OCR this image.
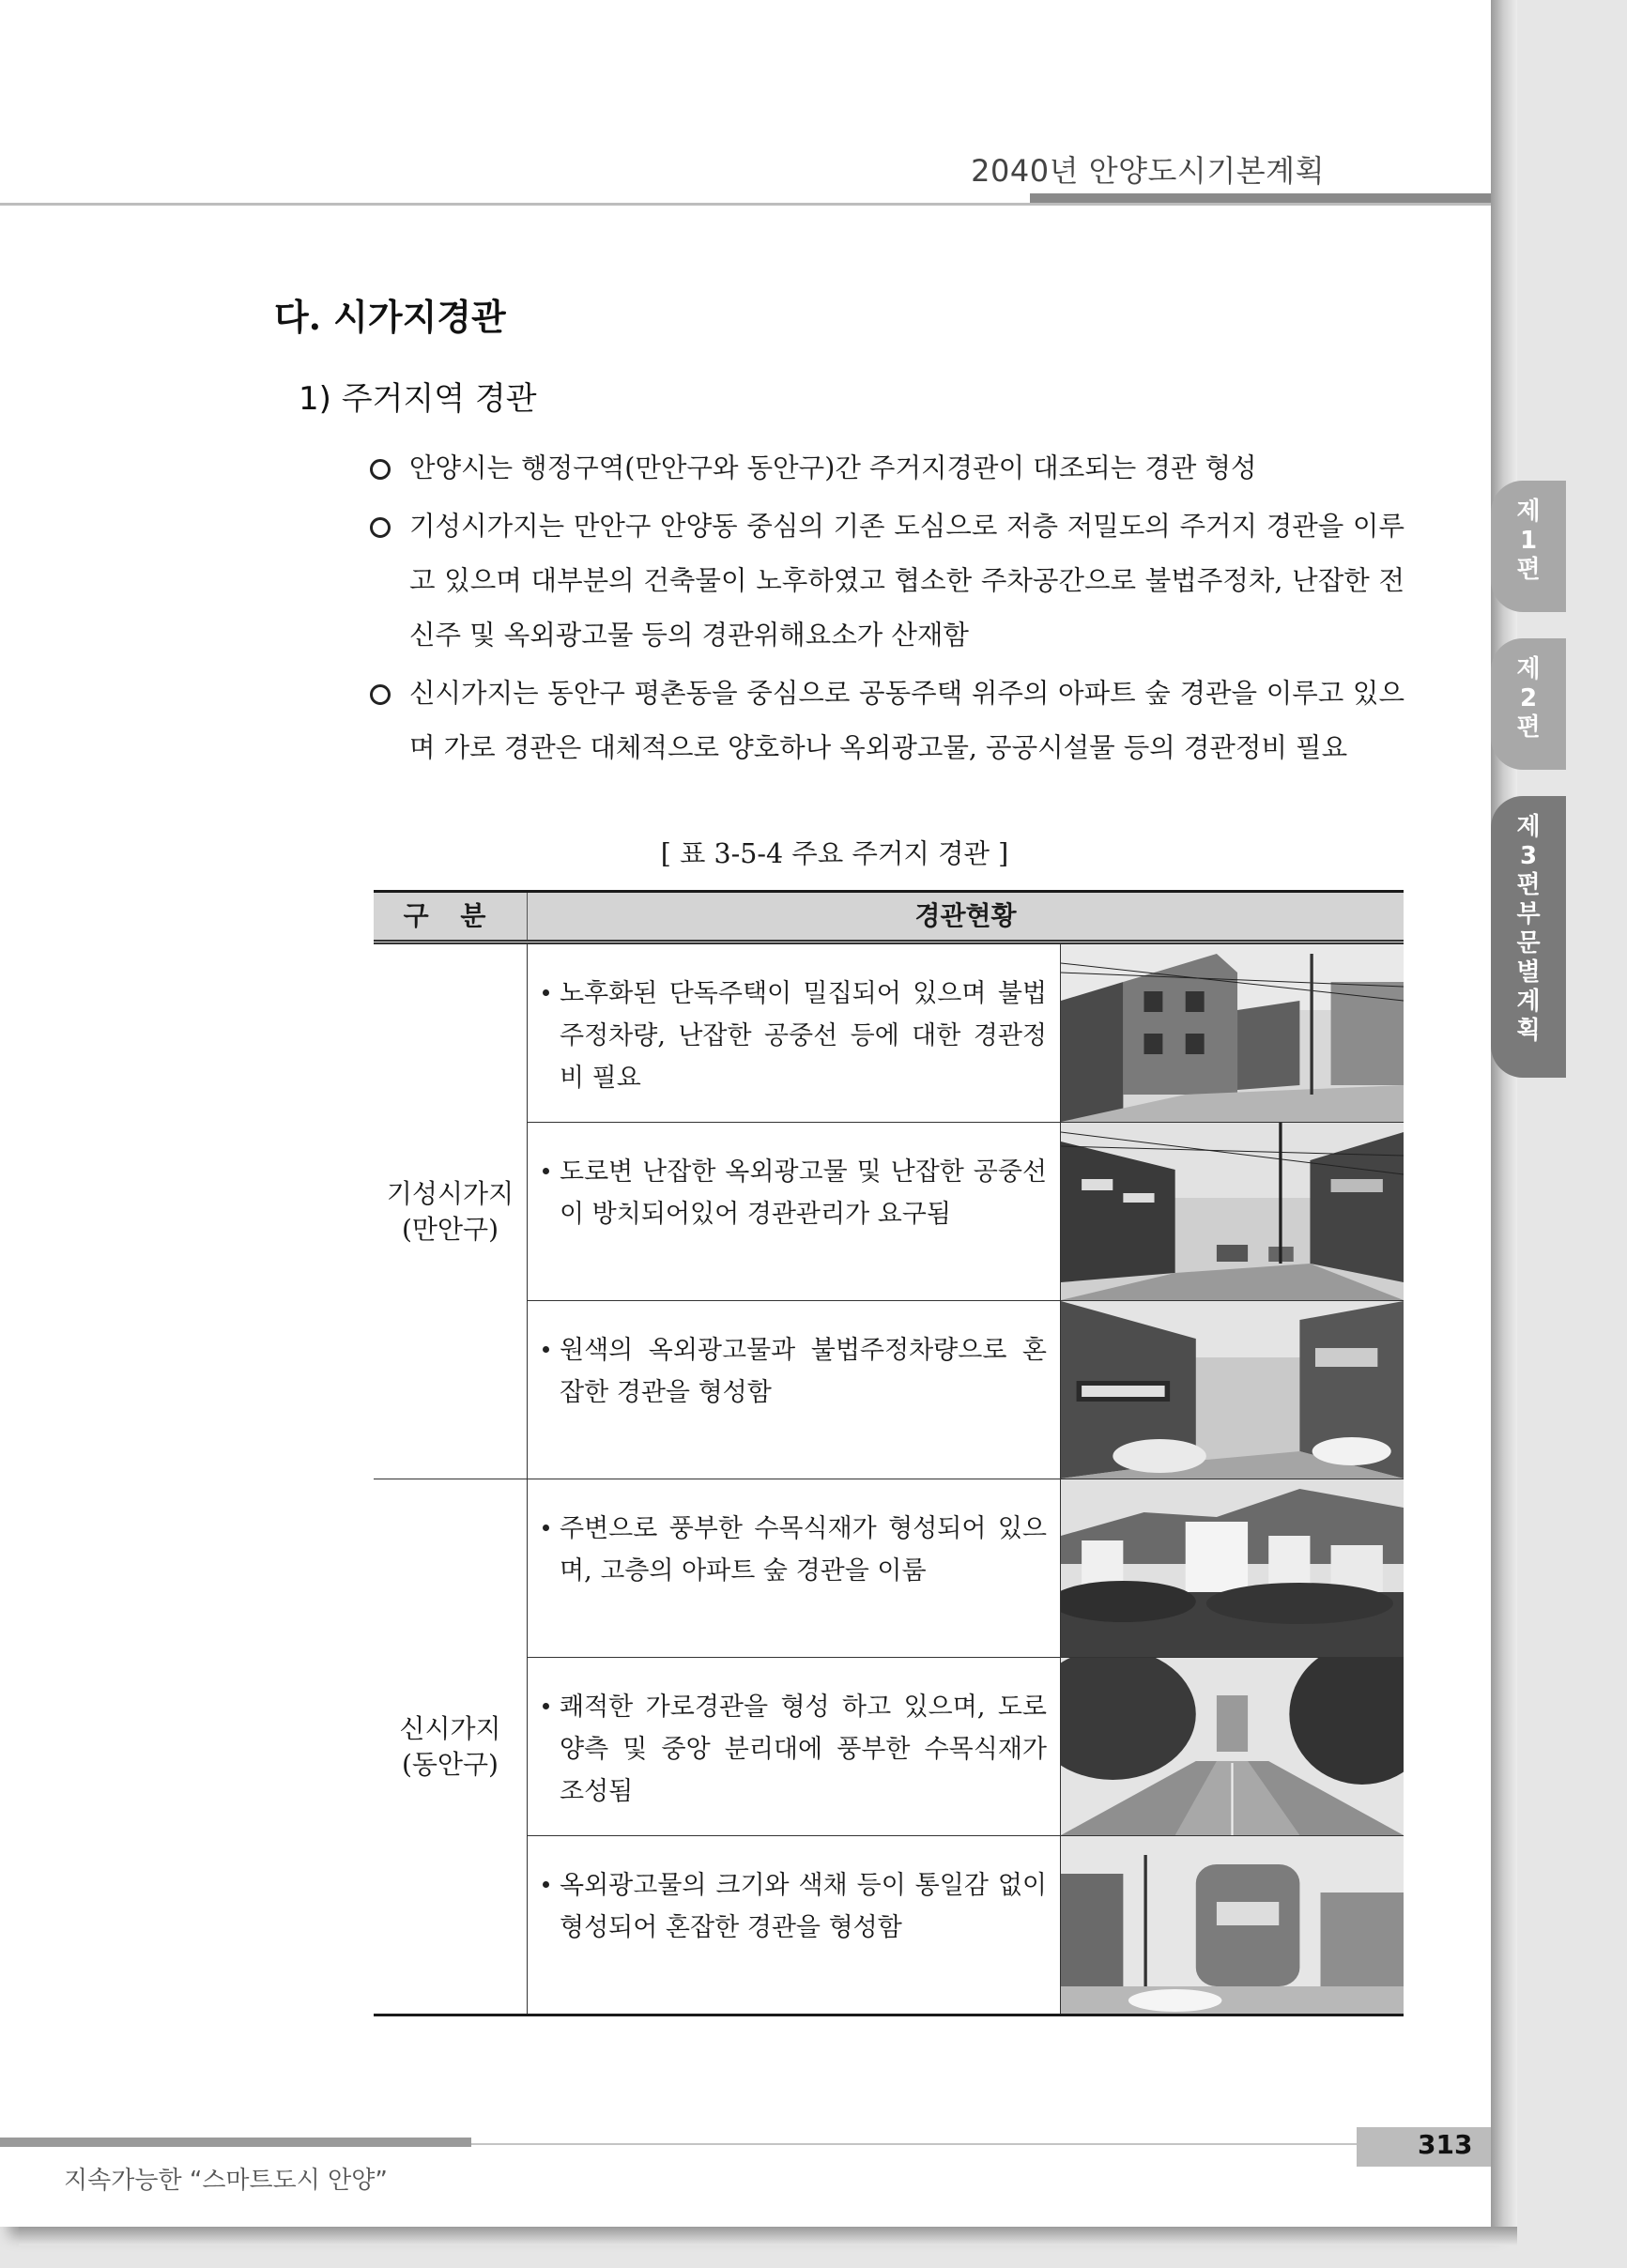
2040년 안양도시기본계획
다. 시가지경관
1) 주거지역 경관
안양시는 행정구역(만안구와 동안구)간 주거지경관이 대조되는 경관 형성
기성시가지는 만안구 안양동 중심의 기존 도심으로 저층 저밀도의 주거지 경관을 이루고 있으며 대부분의 건축물이 노후하였고 협소한 주차공간으로 불법주정차, 난잡한 전신주 및 옥외광고물 등의 경관위해요소가 산재함
신시가지는 동안구 평촌동을 중심으로 공동주택 위주의 아파트 숲 경관을 이루고 있으며 가로 경관은 대체적으로 양호하나 옥외광고물, 공공시설물 등의 경관정비 필요
[ 표 3-5-4 주요 주거지 경관 ]
구 분	경관현황
기성시가지
(만안구)
노후화된 단독주택이 밀집되어 있으며 불법주정차량, 난잡한 공중선 등에 대한 경관정비 필요
도로변 난잡한 옥외광고물 및 난잡한 공중선이 방치되어있어 경관관리가 요구됨
원색의 옥외광고물과 불법주정차량으로 혼잡한 경관을 형성함
신시가지
(동안구)
주변으로 풍부한 수목식재가 형성되어 있으며, 고층의 아파트 숲 경관을 이룸
쾌적한 가로경관을 형성 하고 있으며, 도로 양측 및 중앙 분리대에 풍부한 수목식재가 조성됨
옥외광고물의 크기와 색채 등이 통일감 없이 형성되어 혼잡한 경관을 형성함
313
지속가능한 “스마트도시 안양”
제
1
편
제
2
편
제
3
편
부
문
별
계
획
